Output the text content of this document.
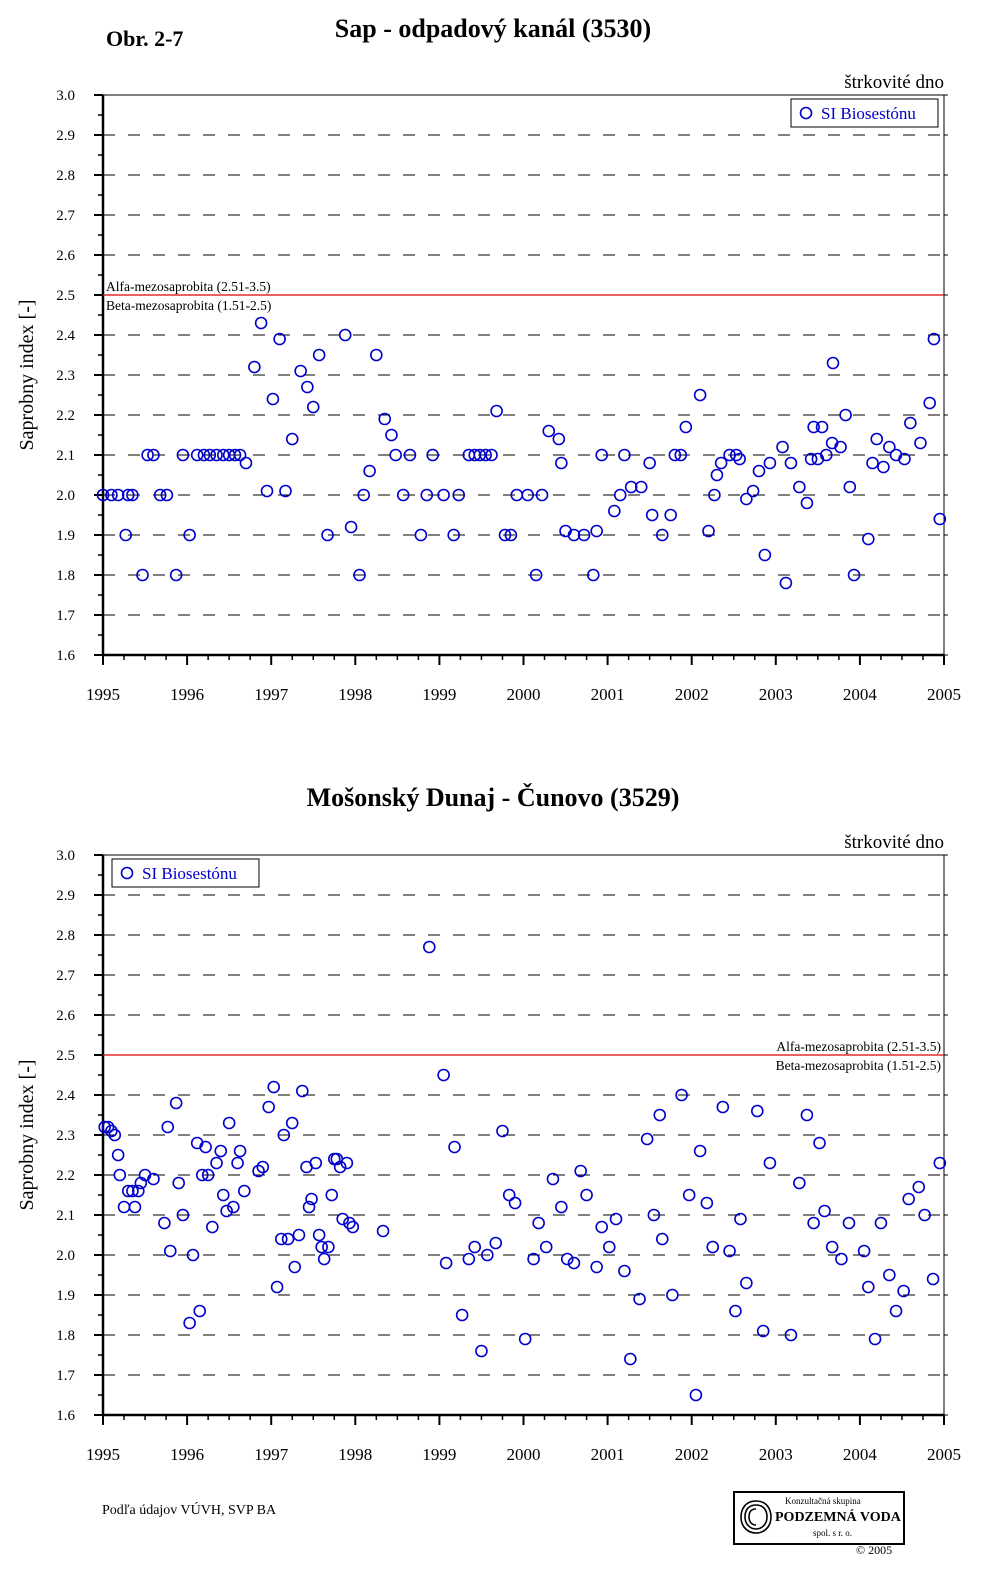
Obr. 2-7	Sap - odpadový kanál (3530)
Mošonský Dunaj - Čunovo (3529)
štrkovité dno
1.6
1.7
1.8
1.9
2.0
2.1
2.2
2.3
2.4
2.5
2.6
2.7
2.8
2.9
3.0
1995	1996	1997	1998	1999	2000	2001	2002	2003	2004	2005
Saprobny index [-]
Alfa-mezosaprobita (2.51-3.5)
Beta-mezosaprobita (1.51-2.5)
SI Biosestónu
štrkovité dno
1.6
1.7
1.8
1.9
2.0
2.1
2.2
2.3
2.4
2.5
2.6
2.7
2.8
2.9
3.0
1995	1996	1997	1998	1999	2000	2001	2002	2003	2004	2005
Saprobny index [-]
Alfa-mezosaprobita (2.51-3.5)
Beta-mezosaprobita (1.51-2.5)
SI Biosestónu
Podľa údajov VÚVH, SVP BA
Konzultačná skupina
PODZEMNÁ VODA
spol. s r. o.
© 2005
